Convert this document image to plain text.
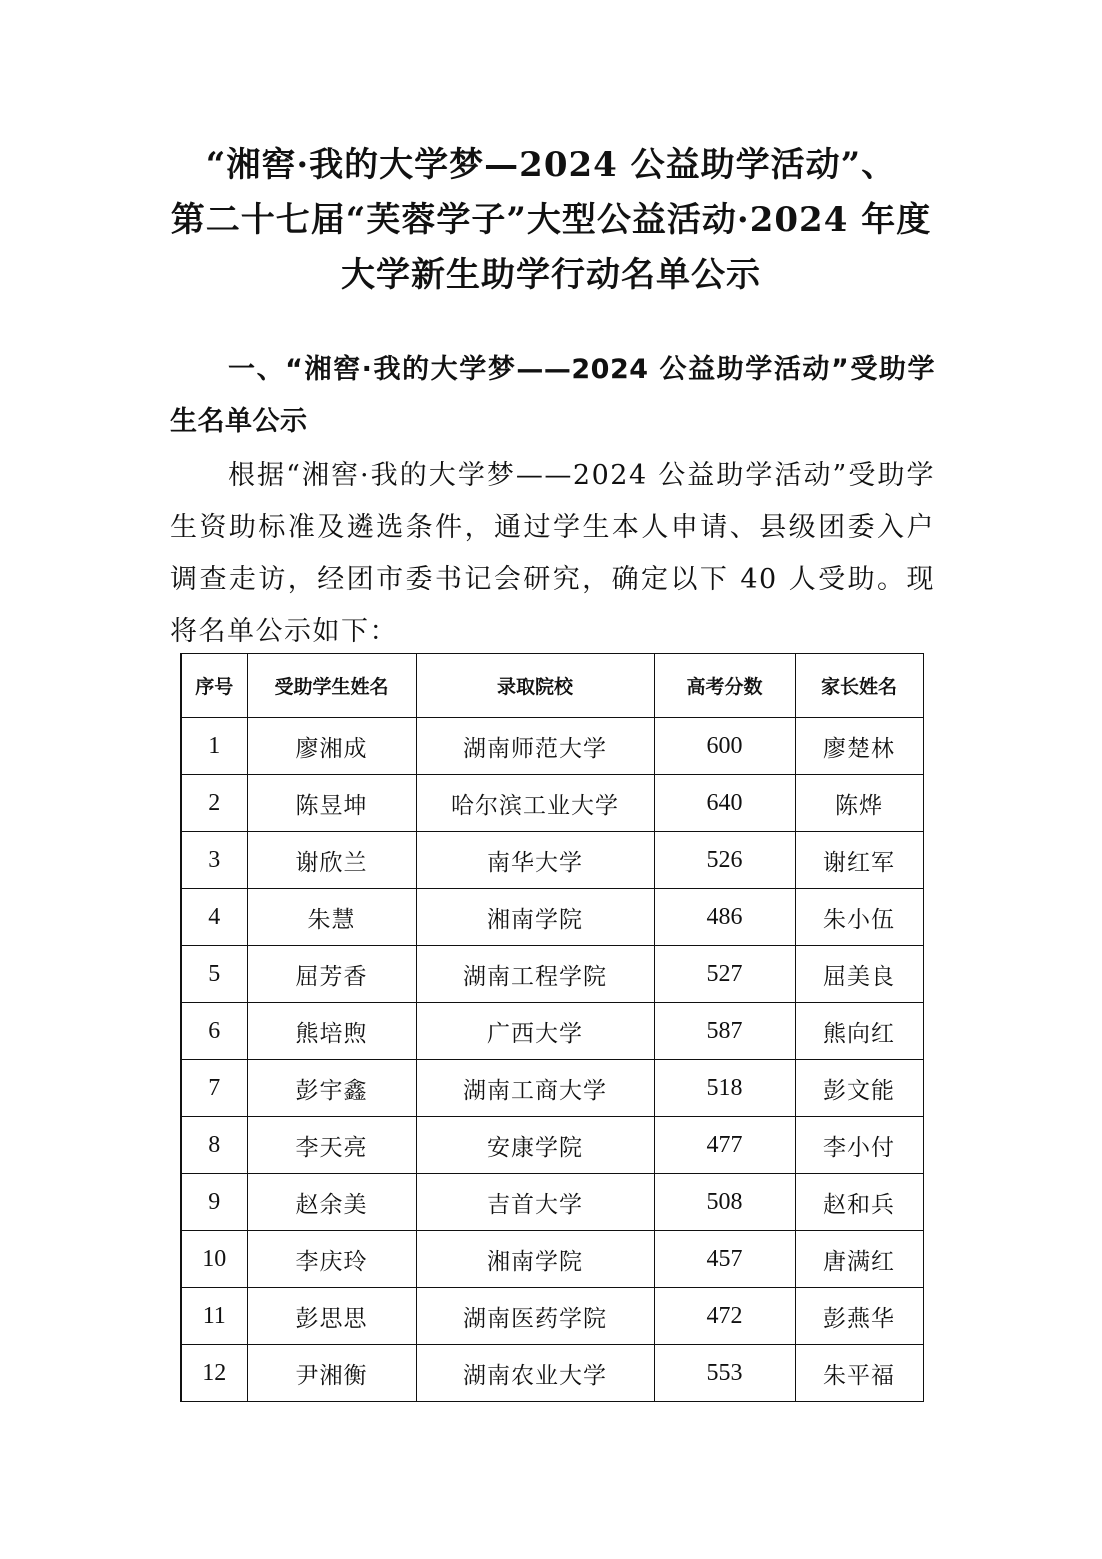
“湘窖·我的大学梦—2024 公益助学活动”、
第二十七届“芙蓉学子”大型公益活动·2024 年度
大学新生助学行动名单公示
一、“湘窖·我的大学梦——2024 公益助学活动”受助学生名单公示
根据“湘窖·我的大学梦——2024 公益助学活动”受助学生资助标准及遴选条件，通过学生本人申请、县级团委入户调查走访，经团市委书记会研究，确定以下 40 人受助。现将名单公示如下：
序号	受助学生姓名	录取院校	高考分数	家长姓名
1	廖湘成	湖南师范大学	600	廖楚林
2	陈昱坤	哈尔滨工业大学	640	陈烨
3	谢欣兰	南华大学	526	谢红军
4	朱慧	湘南学院	486	朱小伍
5	屈芳香	湖南工程学院	527	屈美良
6	熊培煦	广西大学	587	熊向红
7	彭宇鑫	湖南工商大学	518	彭文能
8	李天亮	安康学院	477	李小付
9	赵余美	吉首大学	508	赵和兵
10	李庆玲	湘南学院	457	唐满红
11	彭思思	湖南医药学院	472	彭燕华
12	尹湘衡	湖南农业大学	553	朱平福
